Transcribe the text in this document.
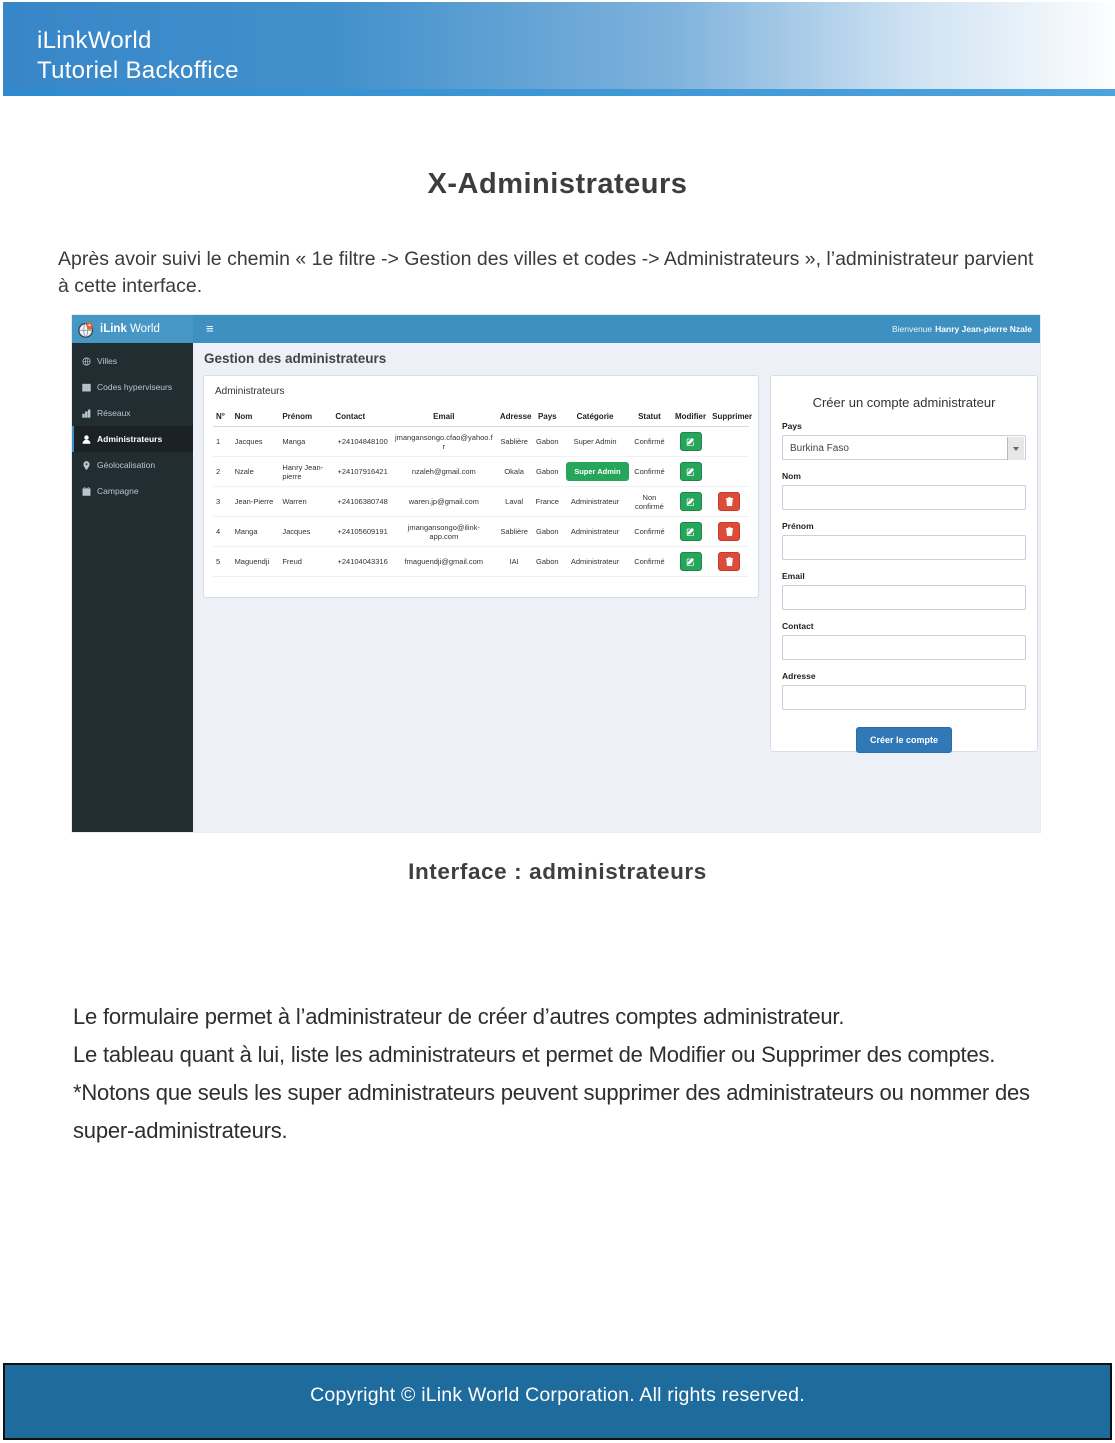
iLinkWorld
Tutoriel Backoffice
X-Administrateurs

Après avoir suivi le chemin « 1e filtre -> Gestion des villes et codes -> Administrateurs », l’administrateur parvient à cette interface.

iLink World	≡	Bienvenue Hanry Jean-pierre Nzale
Villes
Codes hyperviseurs
Réseaux
Administrateurs
Géolocalisation
Campagne
Gestion des administrateurs
Administrateurs
N°	Nom	Prénom	Contact	Email	Adresse	Pays	Catégorie	Statut	Modifier	Supprimer
1	Jacques	Manga	+24104848100	jmangansongo.cfao@yahoo.fr	Sablière	Gabon	Super Admin	Confirmé	

2	Nzale	Hanry Jean-pierre	+24107916421	nzaleh@gmail.com	Okala	Gabon	Super Admin	Confirmé	

3	Jean-Pierre	Warren	+24106380748	waren.jp@gmail.com	Laval	France	Administrateur	Non confirmé	

4	Manga	Jacques	+24105609191	jmangansongo@ilink-app.com	Sablière	Gabon	Administrateur	Confirmé	

5	Maguendji	Freud	+24104043316	fmaguendji@gmail.com	IAI	Gabon	Administrateur	Confirmé	

Créer un compte administrateur
Pays
Burkina Faso
Nom
Prénom
Email
Contact
Adresse
Créer le compte
Interface : administrateurs

Le formulaire permet à l’administrateur de créer d’autres comptes administrateur.

Le tableau quant à lui, liste les administrateurs et permet de Modifier ou Supprimer des comptes.

*Notons que seuls les super administrateurs peuvent supprimer des administrateurs ou nommer des super-administrateurs.

Copyright © iLink World Corporation. All rights reserved.
